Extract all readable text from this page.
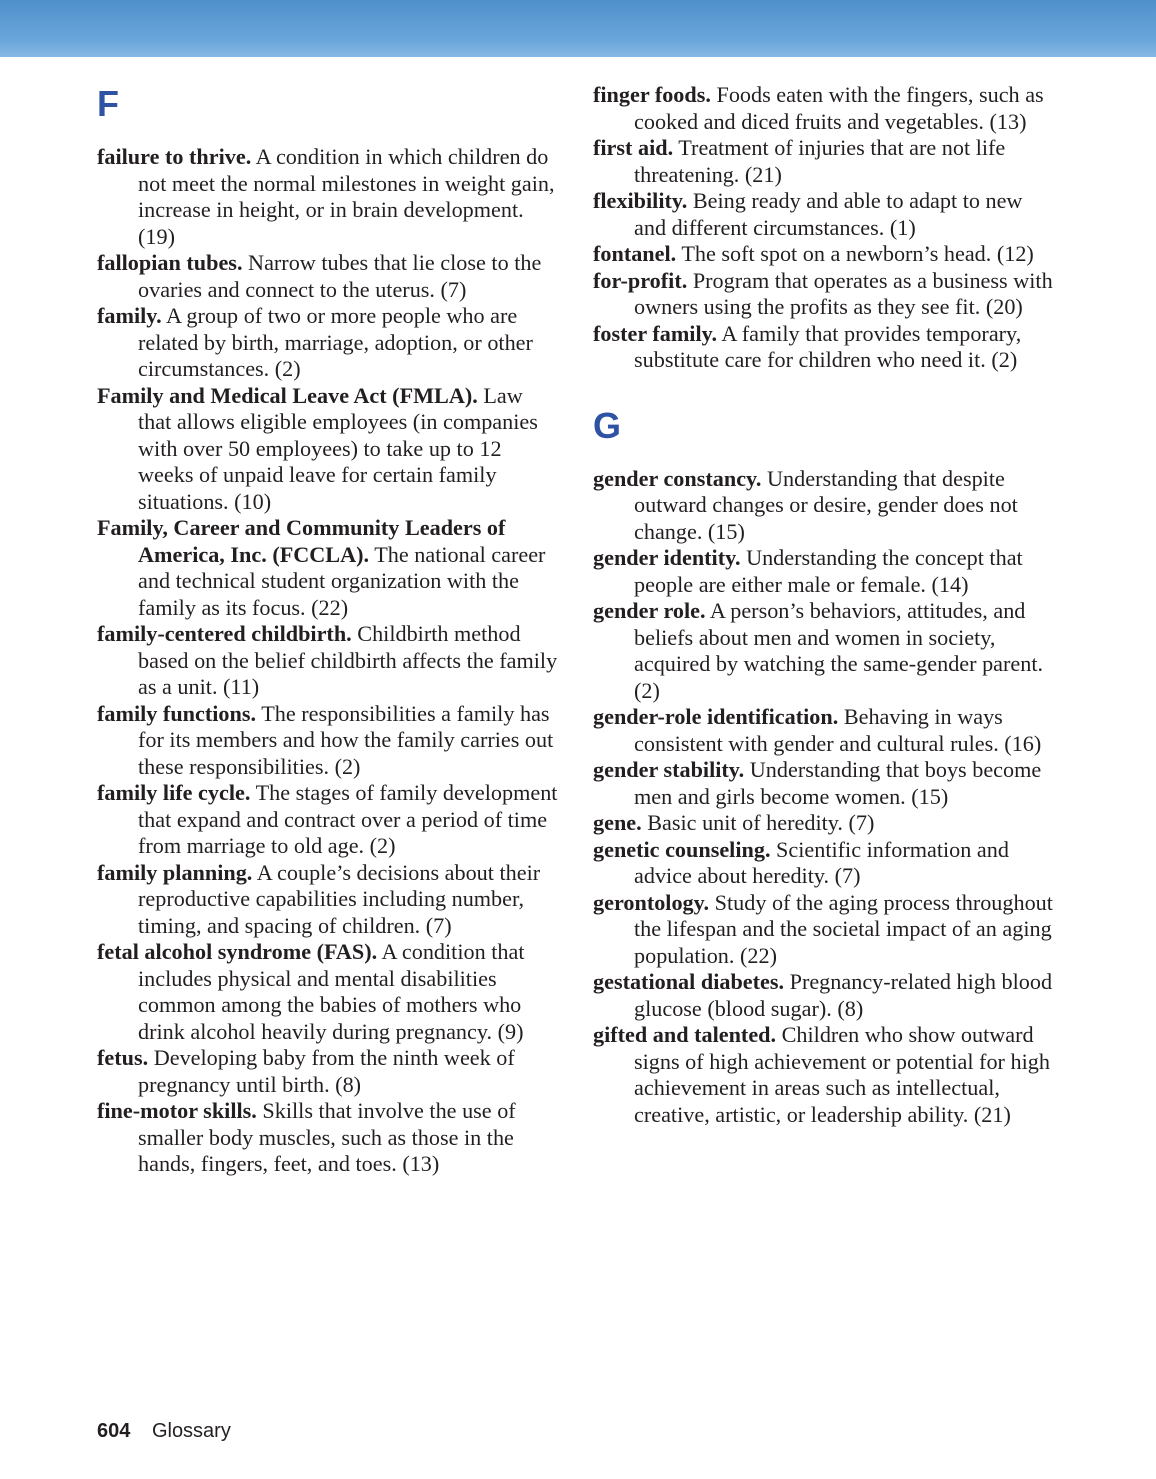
F

failure to thrive. A condition in which children do not meet the normal milestones in weight gain, increase in height, or in brain development. (19)

fallopian tubes. Narrow tubes that lie close to the ovaries and connect to the uterus. (7)

family. A group of two or more people who are related by birth, marriage, adoption, or other circumstances. (2)

Family and Medical Leave Act (FMLA). Law that allows eligible employees (in companies with over 50 employees) to take up to 12 weeks of unpaid leave for certain family situations. (10)

Family, Career and Community Leaders of America, Inc. (FCCLA). The national career and technical student organization with the family as its focus. (22)

family-centered childbirth. Childbirth method based on the belief childbirth affects the family as a unit. (11)

family functions. The responsibilities a family has for its members and how the family carries out these responsibilities. (2)

family life cycle. The stages of family development that expand and contract over a period of time from marriage to old age. (2)

family planning. A couple’s decisions about their reproductive capabilities including number, timing, and spacing of children. (7)

fetal alcohol syndrome (FAS). A condition that includes physical and mental disabilities common among the babies of mothers who drink alcohol heavily during pregnancy. (9)

fetus. Developing baby from the ninth week of pregnancy until birth. (8)

fine-motor skills. Skills that involve the use of smaller body muscles, such as those in the hands, fingers, feet, and toes. (13)

finger foods. Foods eaten with the fingers, such as cooked and diced fruits and vegetables. (13)

first aid. Treatment of injuries that are not life threatening. (21)

flexibility. Being ready and able to adapt to new and different circumstances. (1)

fontanel. The soft spot on a newborn’s head. (12)

for-profit. Program that operates as a business with owners using the profits as they see fit. (20)

foster family. A family that provides temporary, substitute care for children who need it. (2)

G

gender constancy. Understanding that despite outward changes or desire, gender does not change. (15)

gender identity. Understanding the concept that people are either male or female. (14)

gender role. A person’s behaviors, attitudes, and beliefs about men and women in society, acquired by watching the same-gender parent. (2)

gender-role identification. Behaving in ways consistent with gender and cultural rules. (16)

gender stability. Understanding that boys become men and girls become women. (15)

gene. Basic unit of heredity. (7)

genetic counseling. Scientific information and advice about heredity. (7)

gerontology. Study of the aging process throughout the lifespan and the societal impact of an aging population. (22)

gestational diabetes. Pregnancy-related high blood glucose (blood sugar). (8)

gifted and talented. Children who show outward signs of high achievement or potential for high achievement in areas such as intellectual, creative, artistic, or leadership ability. (21)

604 Glossary
